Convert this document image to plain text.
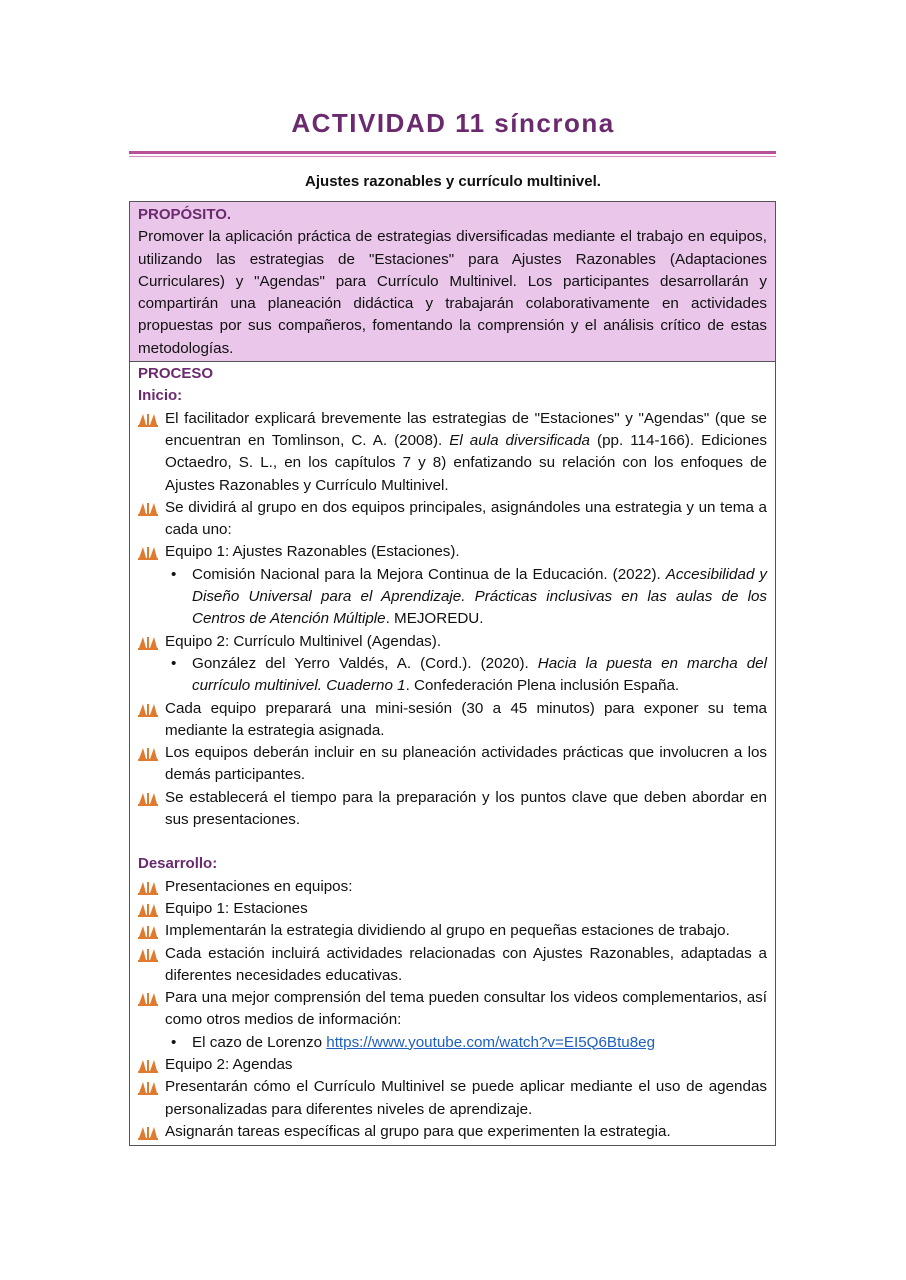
ACTIVIDAD 11 síncrona
Ajustes razonables y currículo multinivel.
PROPÓSITO.
Promover la aplicación práctica de estrategias diversificadas mediante el trabajo en equipos, utilizando las estrategias de "Estaciones" para Ajustes Razonables (Adaptaciones Curriculares) y "Agendas" para Currículo Multinivel. Los participantes desarrollarán y compartirán una planeación didáctica y trabajarán colaborativamente en actividades propuestas por sus compañeros, fomentando la comprensión y el análisis crítico de estas metodologías.
PROCESO
Inicio:
El facilitador explicará brevemente las estrategias de "Estaciones" y "Agendas" (que se encuentran en Tomlinson, C. A. (2008). El aula diversificada (pp. 114-166). Ediciones Octaedro, S. L., en los capítulos 7 y 8) enfatizando su relación con los enfoques de Ajustes Razonables y Currículo Multinivel.
Se dividirá al grupo en dos equipos principales, asignándoles una estrategia y un tema a cada uno:
Equipo 1: Ajustes Razonables (Estaciones).
• Comisión Nacional para la Mejora Continua de la Educación. (2022). Accesibilidad y Diseño Universal para el Aprendizaje. Prácticas inclusivas en las aulas de los Centros de Atención Múltiple. MEJOREDU.
Equipo 2: Currículo Multinivel (Agendas).
• González del Yerro Valdés, A. (Cord.). (2020). Hacia la puesta en marcha del currículo multinivel. Cuaderno 1. Confederación Plena inclusión España.
Cada equipo preparará una mini-sesión (30 a 45 minutos) para exponer su tema mediante la estrategia asignada.
Los equipos deberán incluir en su planeación actividades prácticas que involucren a los demás participantes.
Se establecerá el tiempo para la preparación y los puntos clave que deben abordar en sus presentaciones.
Desarrollo:
Presentaciones en equipos:
Equipo 1: Estaciones
Implementarán la estrategia dividiendo al grupo en pequeñas estaciones de trabajo.
Cada estación incluirá actividades relacionadas con Ajustes Razonables, adaptadas a diferentes necesidades educativas.
Para una mejor comprensión del tema pueden consultar los videos complementarios, así como otros medios de información:
• El cazo de Lorenzo https://www.youtube.com/watch?v=EI5Q6Btu8eg
Equipo 2: Agendas
Presentarán cómo el Currículo Multinivel se puede aplicar mediante el uso de agendas personalizadas para diferentes niveles de aprendizaje.
Asignarán tareas específicas al grupo para que experimenten la estrategia.
